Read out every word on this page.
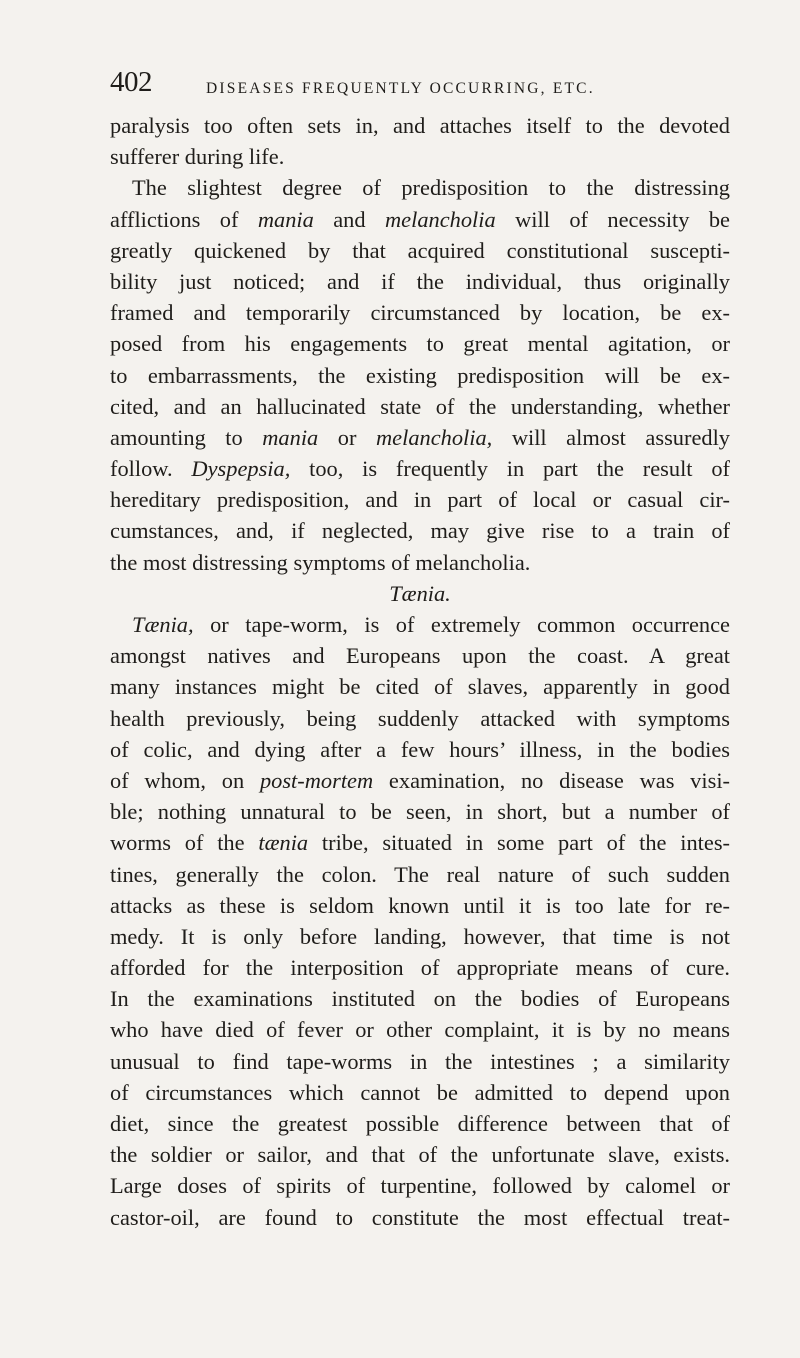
402	DISEASES FREQUENTLY OCCURRING, ETC.
paralysis too often sets in, and attaches itself to the devoted
sufferer during life.
The slightest degree of predisposition to the distressing
afflictions of mania and melancholia will of necessity be
greatly quickened by that acquired constitutional suscepti-
bility just noticed; and if the individual, thus originally
framed and temporarily circumstanced by location, be ex-
posed from his engagements to great mental agitation, or
to embarrassments, the existing predisposition will be ex-
cited, and an hallucinated state of the understanding, whether
amounting to mania or melancholia, will almost assuredly
follow. Dyspepsia, too, is frequently in part the result of
hereditary predisposition, and in part of local or casual cir-
cumstances, and, if neglected, may give rise to a train of
the most distressing symptoms of melancholia.
Tænia.
Tænia, or tape-worm, is of extremely common occurrence
amongst natives and Europeans upon the coast. A great
many instances might be cited of slaves, apparently in good
health previously, being suddenly attacked with symptoms
of colic, and dying after a few hours’ illness, in the bodies
of whom, on post-mortem examination, no disease was visi-
ble; nothing unnatural to be seen, in short, but a number of
worms of the tænia tribe, situated in some part of the intes-
tines, generally the colon. The real nature of such sudden
attacks as these is seldom known until it is too late for re-
medy. It is only before landing, however, that time is not
afforded for the interposition of appropriate means of cure.
In the examinations instituted on the bodies of Europeans
who have died of fever or other complaint, it is by no means
unusual to find tape-worms in the intestines ; a similarity
of circumstances which cannot be admitted to depend upon
diet, since the greatest possible difference between that of
the soldier or sailor, and that of the unfortunate slave, exists.
Large doses of spirits of turpentine, followed by calomel or
castor-oil, are found to constitute the most effectual treat-
